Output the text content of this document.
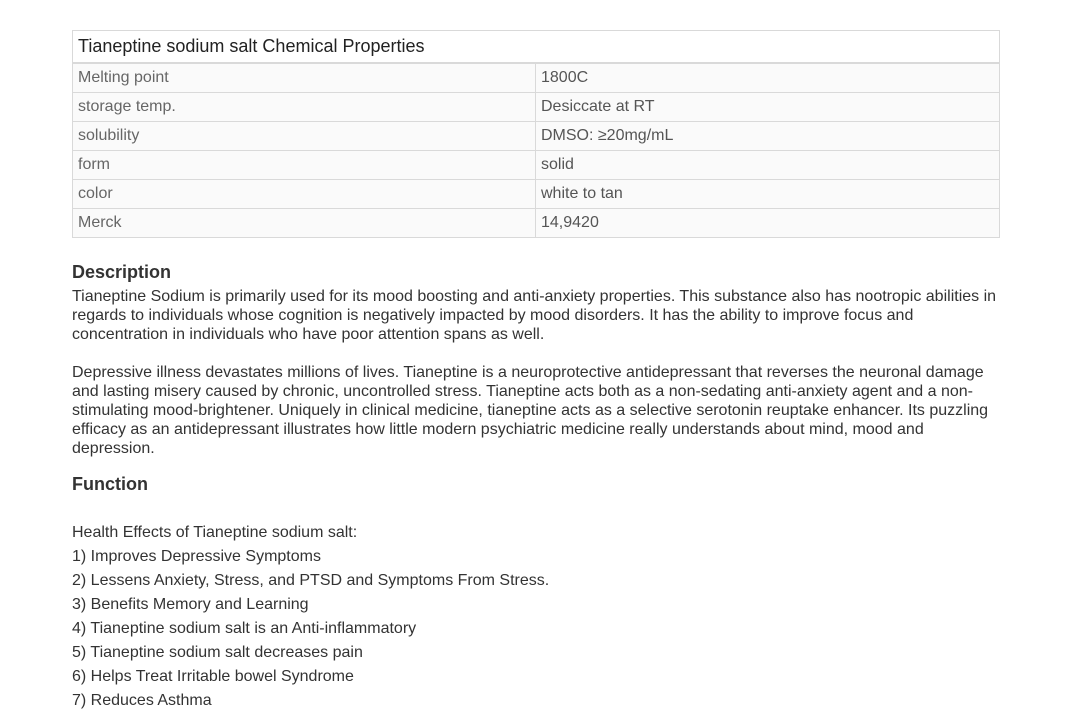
Tianeptine sodium salt Chemical Properties	
Melting point	1800C
storage temp.	Desiccate at RT
solubility	DMSO: ≥20mg/mL
form	solid
color	white to tan
Merck	14,9420
Description

Tianeptine Sodium is primarily used for its mood boosting and anti-anxiety properties. This substance also has nootropic abilities in regards to individuals whose cognition is negatively impacted by mood disorders. It has the ability to improve focus and concentration in individuals who have poor attention spans as well.

Depressive illness devastates millions of lives. Tianeptine is a neuroprotective antidepressant that reverses the neuronal damage and lasting misery caused by chronic, uncontrolled stress. Tianeptine acts both as a non-sedating anti-anxiety agent and a non-stimulating mood-brightener. Uniquely in clinical medicine, tianeptine acts as a selective serotonin reuptake enhancer. Its puzzling efficacy as an antidepressant illustrates how little modern psychiatric medicine really understands about mind, mood and depression.

Function
Health Effects of Tianeptine sodium salt:
1) Improves Depressive Symptoms
2) Lessens Anxiety, Stress, and PTSD and Symptoms From Stress.
3) Benefits Memory and Learning
4) Tianeptine sodium salt is an Anti-inflammatory
5) Tianeptine sodium salt decreases pain
6) Helps Treat Irritable bowel Syndrome
7) Reduces Asthma
